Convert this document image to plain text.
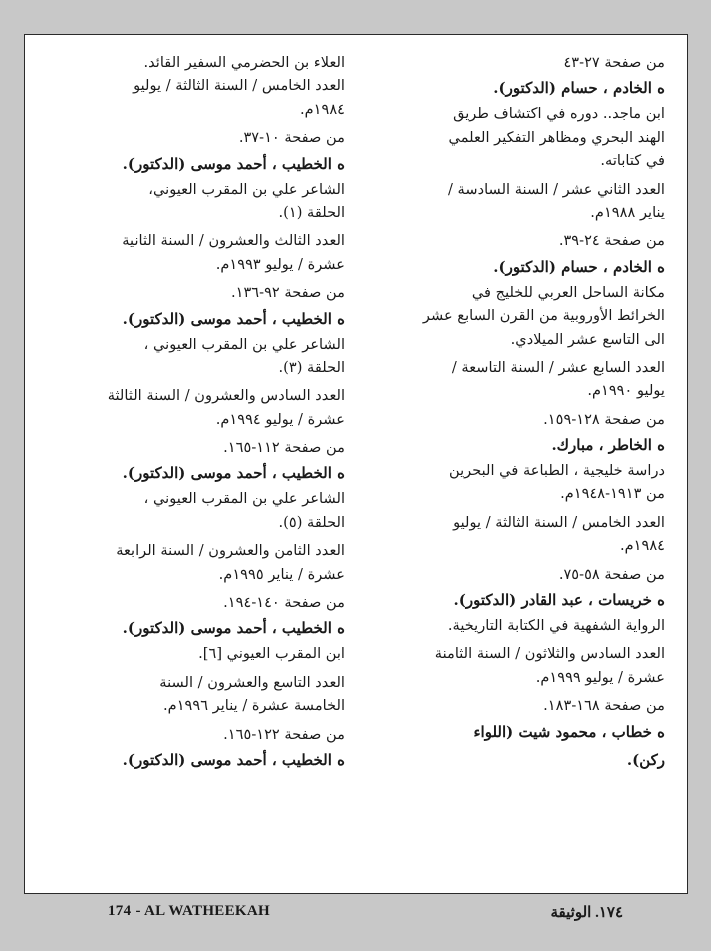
من صفحة ٢٧-٤٣
ه الخادم ، حسام (الدكتور).
ابن ماجد.. دوره في اكتشاف طريق
الهند البحري ومظاهر التفكير العلمي
في كتاباته.
العدد الثاني عشر / السنة السادسة /
يناير ١٩٨٨م.
من صفحة ٢٤-٣٩.
ه الخادم ، حسام (الدكتور).
مكانة الساحل العربي للخليج في
الخرائط الأوروبية من القرن السابع عشر
الى التاسع عشر الميلادي.
العدد السابع عشر / السنة التاسعة /
يوليو ١٩٩٠م.
من صفحة ١٢٨-١٥٩.
ه الخاطر ، مبارك.
دراسة خليجية ، الطباعة في البحرين
من ١٩١٣-١٩٤٨م.
العدد الخامس / السنة الثالثة / يوليو
١٩٨٤م.
من صفحة ٥٨-٧٥.
ه خريسات ، عبد القادر (الدكتور).
الرواية الشفهية في الكتابة التاريخية.
العدد السادس والثلاثون / السنة الثامنة
عشرة / يوليو ١٩٩٩م.
من صفحة ١٦٨-١٨٣.
ه خطاب ، محمود شيت (اللواء
ركن).
العلاء بن الحضرمي السفير القائد.
العدد الخامس / السنة الثالثة / يوليو
١٩٨٤م.
من صفحة ١٠-٣٧.
ه الخطيب ، أحمد موسى (الدكتور).
الشاعر علي بن المقرب العيوني،
الحلقة (١).
العدد الثالث والعشرون / السنة الثانية
عشرة / يوليو ١٩٩٣م.
من صفحة ٩٢-١٣٦.
ه الخطيب ، أحمد موسى (الدكتور).
الشاعر علي بن المقرب العيوني ،
الحلقة (٣).
العدد السادس والعشرون / السنة الثالثة
عشرة / يوليو ١٩٩٤م.
من صفحة ١١٢-١٦٥.
ه الخطيب ، أحمد موسى (الدكتور).
الشاعر علي بن المقرب العيوني ،
الحلقة (٥).
العدد الثامن والعشرون / السنة الرابعة
عشرة / يناير ١٩٩٥م.
من صفحة ١٤٠-١٩٤.
ه الخطيب ، أحمد موسى (الدكتور).
ابن المقرب العيوني [٦].
العدد التاسع والعشرون / السنة
الخامسة عشرة / يناير ١٩٩٦م.
من صفحة ١٢٢-١٦٥.
ه الخطيب ، أحمد موسى (الدكتور).
174 - AL WATHEEKAH	١٧٤. الوثيقة
